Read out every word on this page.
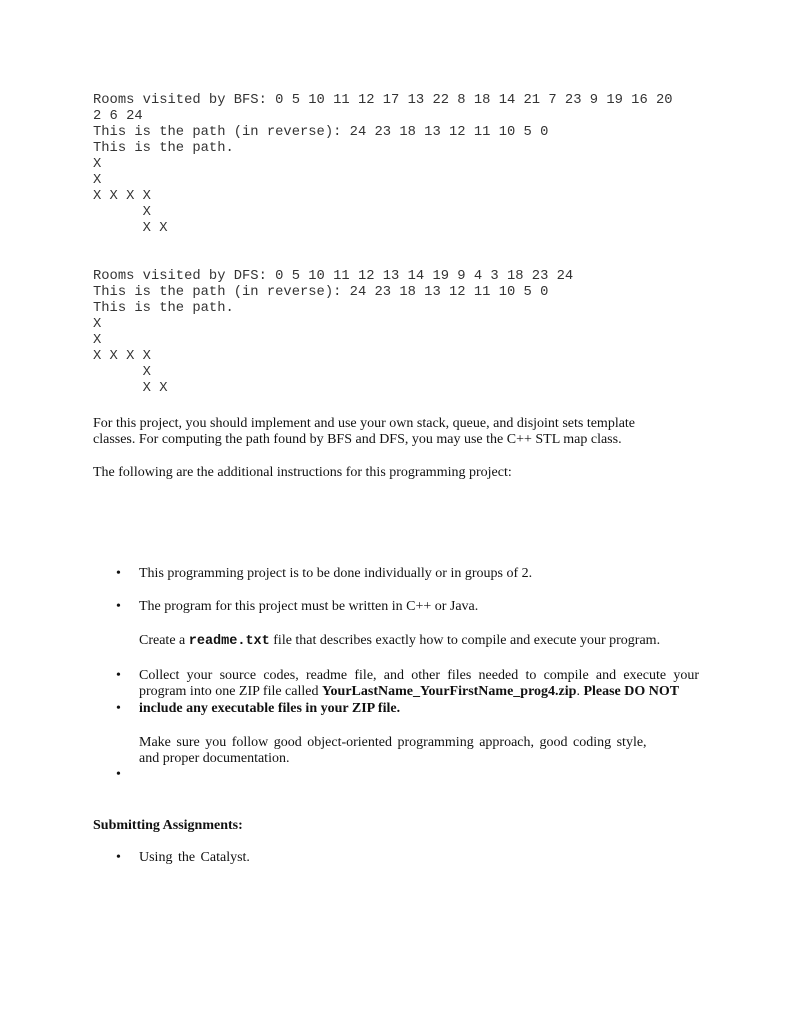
Rooms visited by BFS: 0 5 10 11 12 17 13 22 8 18 14 21 7 23 9 19 16 20
2 6 24
This is the path (in reverse): 24 23 18 13 12 11 10 5 0
This is the path.
X
X
X X X X
X
X X
Rooms visited by DFS: 0 5 10 11 12 13 14 19 9 4 3 18 23 24
This is the path (in reverse): 24 23 18 13 12 11 10 5 0
This is the path.
X
X
X X X X
X
X X
For this project, you should implement and use your own stack, queue, and disjoint sets template
classes. For computing the path found by BFS and DFS, you may use the C++ STL map class.
The following are the additional instructions for this programming project:
• This programming project is to be done individually or in groups of 2.
• The program for this project must be written in C++ or Java.
Create a readme.txt file that describes exactly how to compile and execute your program.
• Collect your source codes, readme file, and other files needed to compile and execute your
program into one ZIP file called YourLastName_YourFirstName_prog4.zip. Please DO NOT
• include any executable files in your ZIP file.
Make sure you follow good object-oriented programming approach, good coding style,
and proper documentation.
•
Submitting Assignments:
• Using the Catalyst.
